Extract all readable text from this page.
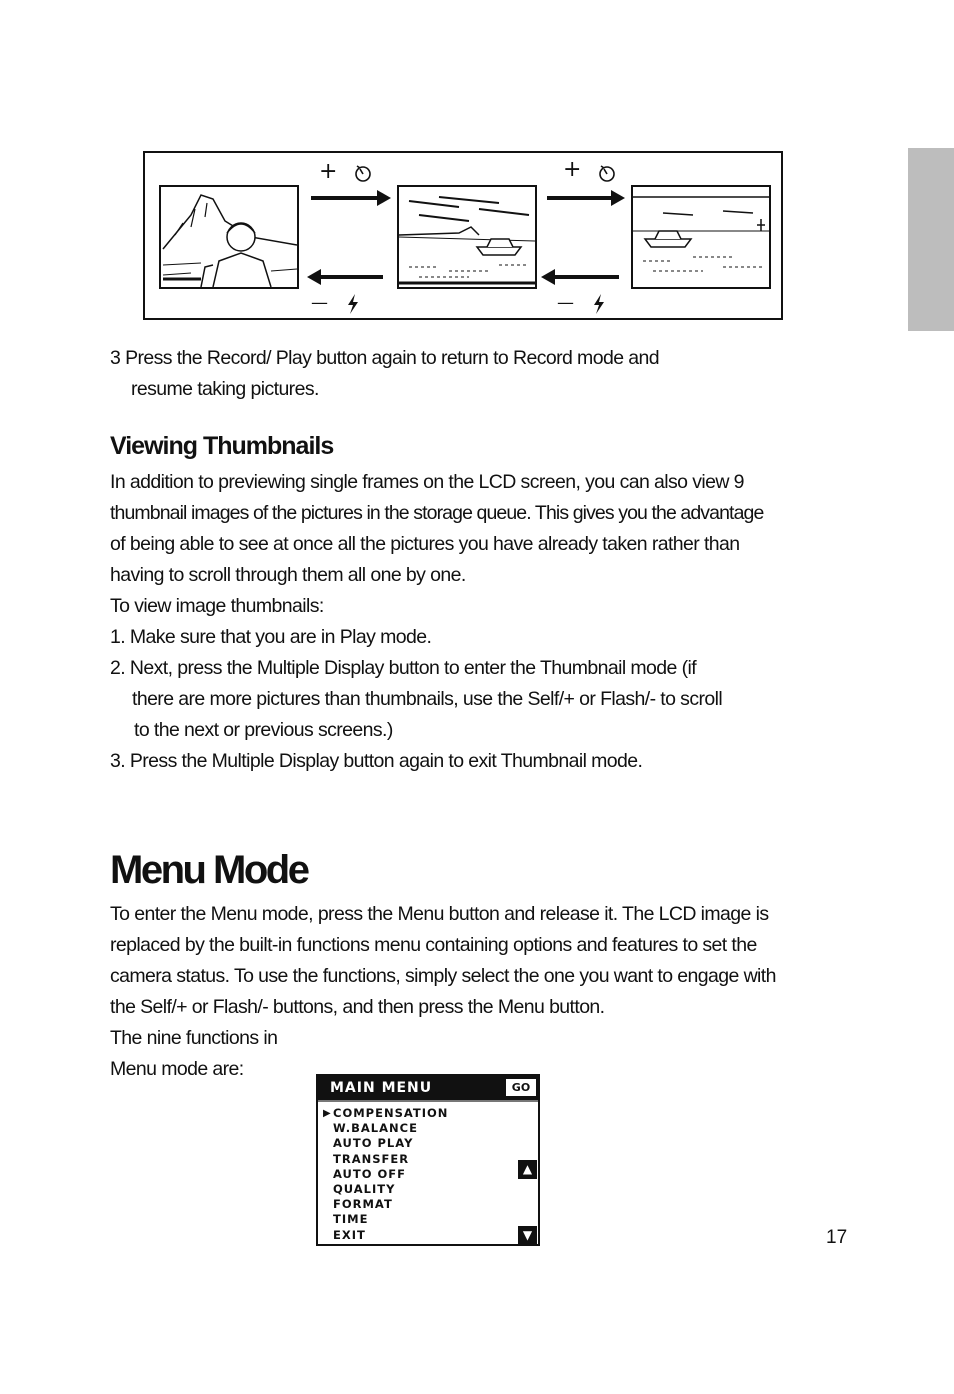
+	+
—	—
3 Press the Record/ Play button again to return to Record mode and
resume taking pictures.
Viewing Thumbnails
In addition to previewing single frames on the LCD screen, you can also view 9
thumbnail images of the pictures in the storage queue. This gives you the advantage
of being able to see at once all the pictures you have already taken rather than
having to scroll through them all one by one.
To view image thumbnails:
1. Make sure that you are in Play mode.
2. Next, press the Multiple Display button to enter the Thumbnail mode (if
there are more pictures than thumbnails, use the Self/+ or Flash/- to scroll
to the next or previous screens.)
3. Press the Multiple Display button again to exit Thumbnail mode.
Menu Mode
To enter the Menu mode, press the Menu button and release it. The LCD image is
replaced by the built-in functions menu containing options and features to set the
camera status. To use the functions, simply select the one you want to engage with
the Self/+ or Flash/- buttons, and then press the Menu button.
The nine functions in
Menu mode are:
MAIN MENU	GO
▶ COMPENSATION
W.BALANCE
AUTO PLAY
TRANSFER
AUTO OFF
QUALITY
FORMAT
TIME
EXIT
▲
▼	17
